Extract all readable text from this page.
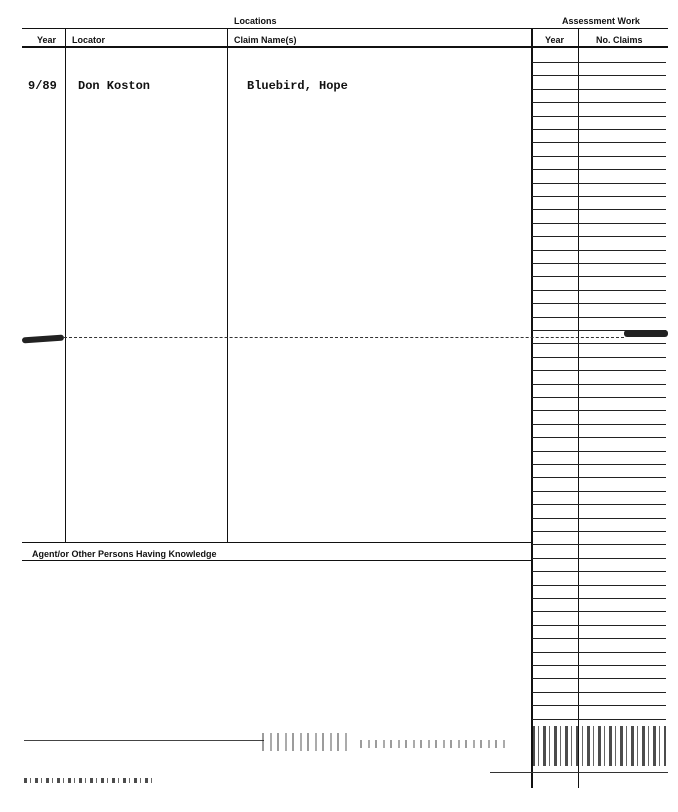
Locations	Assessment Work
Year Locator	Claim Name(s)	Year	No. Claims
9/89 Don Koston	Bluebird, Hope
Agent/or Other Persons Having Knowledge
